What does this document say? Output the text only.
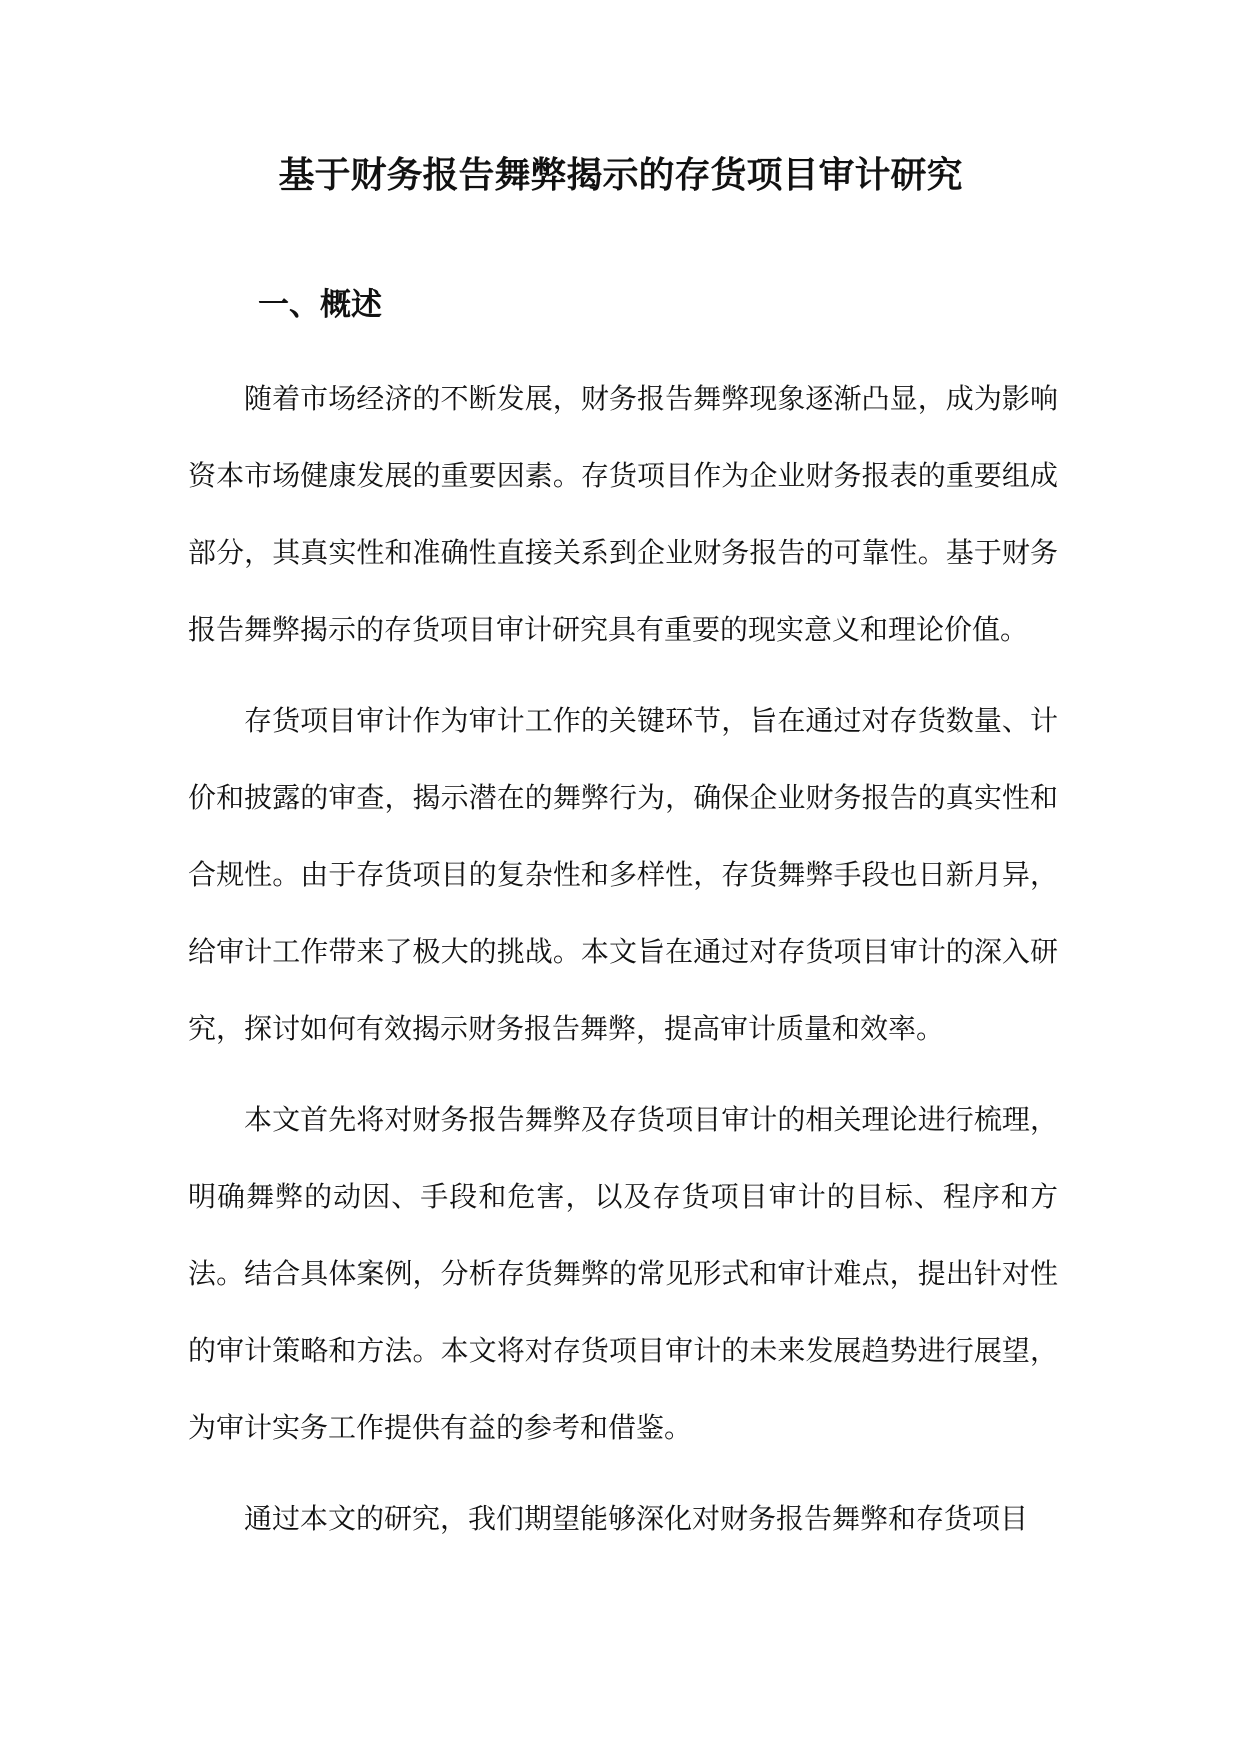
基于财务报告舞弊揭示的存货项目审计研究
一、概述

随着市场经济的不断发展，财务报告舞弊现象逐渐凸显，成为影响资本市场健康发展的重要因素。存货项目作为企业财务报表的重要组成部分，其真实性和准确性直接关系到企业财务报告的可靠性。基于财务报告舞弊揭示的存货项目审计研究具有重要的现实意义和理论价值。

存货项目审计作为审计工作的关键环节，旨在通过对存货数量、计价和披露的审查，揭示潜在的舞弊行为，确保企业财务报告的真实性和合规性。由于存货项目的复杂性和多样性，存货舞弊手段也日新月异，给审计工作带来了极大的挑战。本文旨在通过对存货项目审计的深入研究，探讨如何有效揭示财务报告舞弊，提高审计质量和效率。

本文首先将对财务报告舞弊及存货项目审计的相关理论进行梳理，明确舞弊的动因、手段和危害，以及存货项目审计的目标、程序和方法。结合具体案例，分析存货舞弊的常见形式和审计难点，提出针对性的审计策略和方法。本文将对存货项目审计的未来发展趋势进行展望，为审计实务工作提供有益的参考和借鉴。

通过本文的研究，我们期望能够深化对财务报告舞弊和存货项目
